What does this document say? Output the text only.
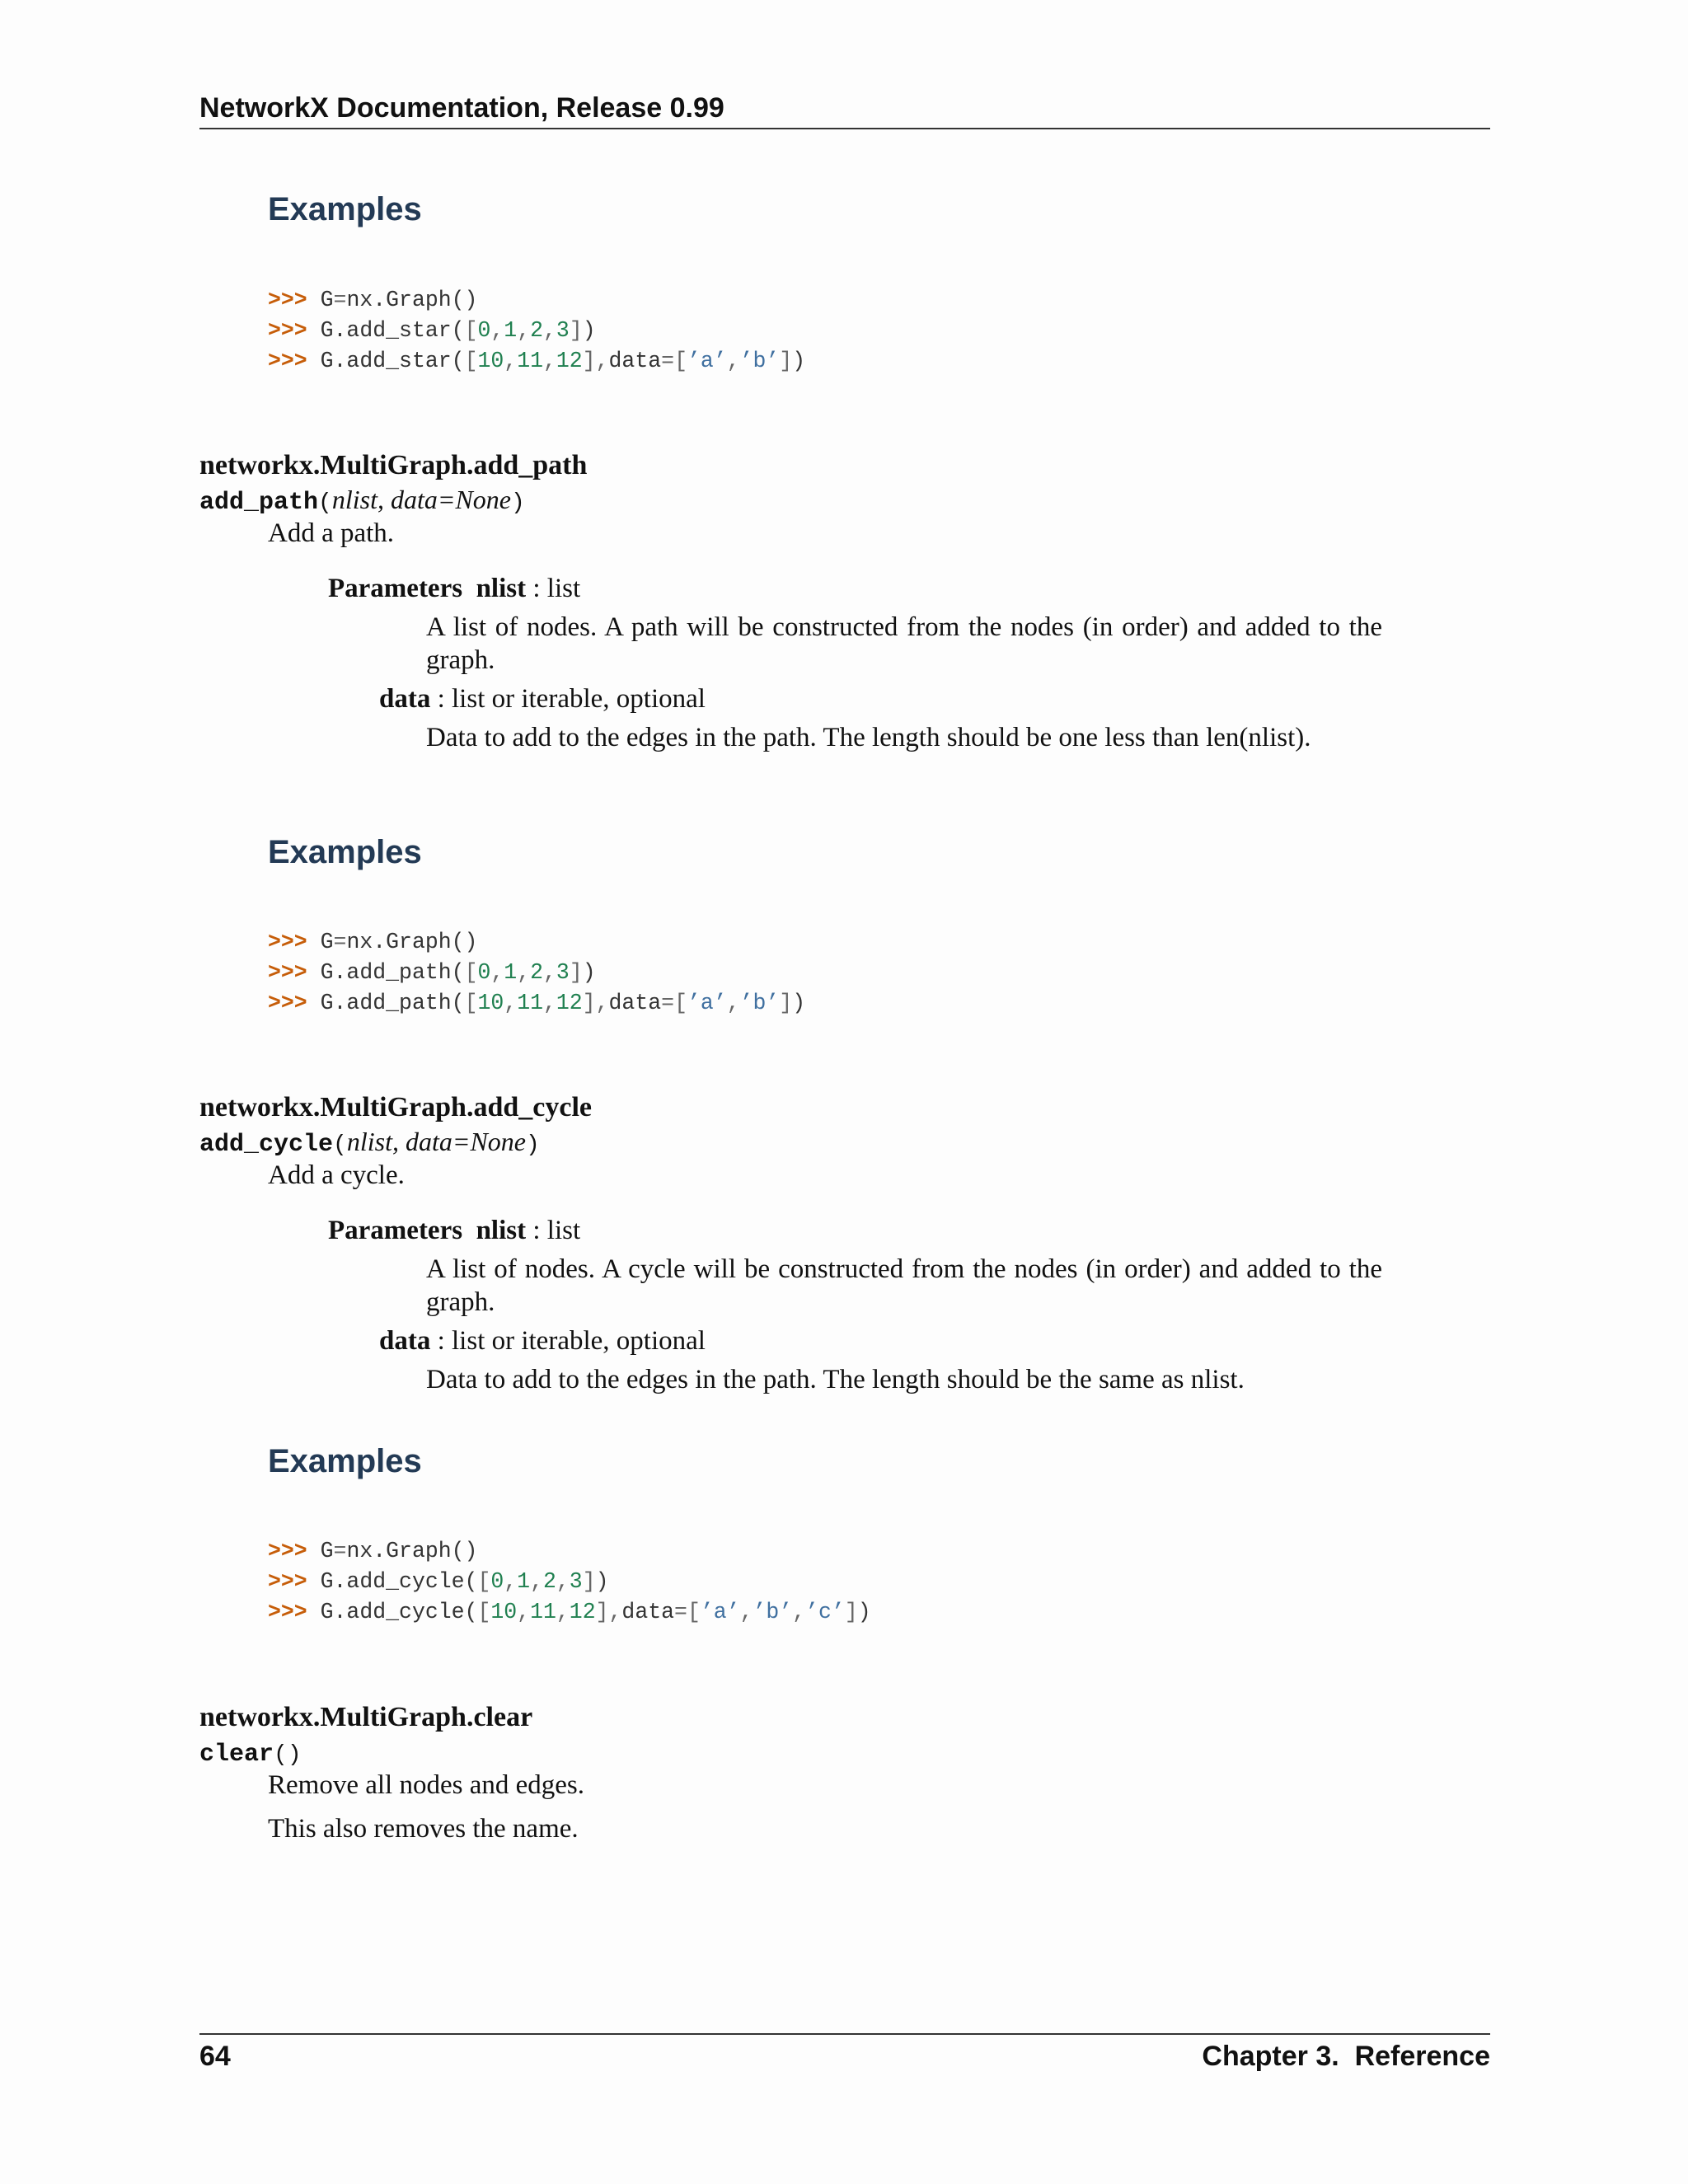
NetworkX Documentation, Release 0.99
Examples
>>> G=nx.Graph()
>>> G.add_star([0,1,2,3])
>>> G.add_star([10,11,12],data=[’a’,’b’])
networkx.MultiGraph.add_path
add_path(nlist, data=None)
Add a path.
Parameters nlist : list
A list of nodes. A path will be constructed from the nodes (in order) and added to the graph.
data : list or iterable, optional
Data to add to the edges in the path. The length should be one less than len(nlist).
Examples
>>> G=nx.Graph()
>>> G.add_path([0,1,2,3])
>>> G.add_path([10,11,12],data=[’a’,’b’])
networkx.MultiGraph.add_cycle
add_cycle(nlist, data=None)
Add a cycle.
Parameters nlist : list
A list of nodes. A cycle will be constructed from the nodes (in order) and added to the graph.
data : list or iterable, optional
Data to add to the edges in the path. The length should be the same as nlist.
Examples
>>> G=nx.Graph()
>>> G.add_cycle([0,1,2,3])
>>> G.add_cycle([10,11,12],data=[’a’,’b’,’c’])
networkx.MultiGraph.clear
clear()
Remove all nodes and edges.
This also removes the name.
64	Chapter 3.  Reference
